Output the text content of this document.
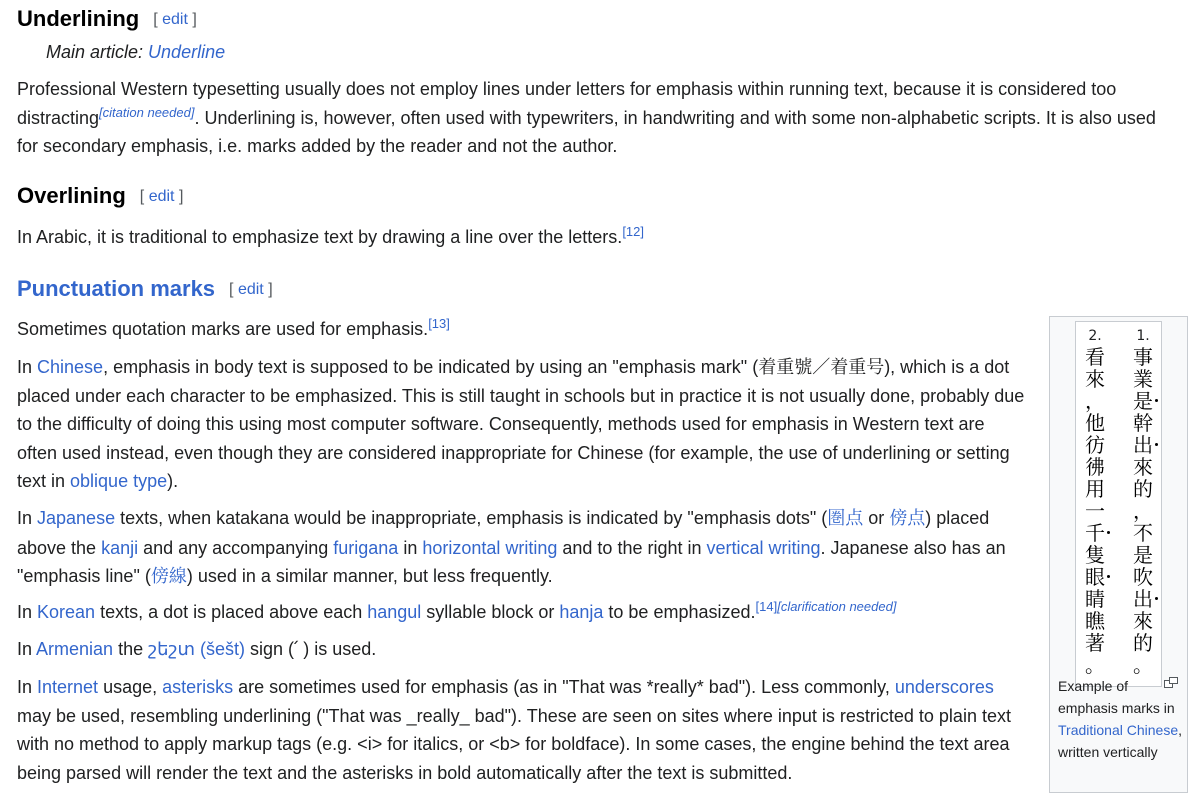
Underlining [ edit ]
Main article: Underline

Professional Western typesetting usually does not employ lines under letters for emphasis within running text, because it is considered too distracting[citation needed]. Underlining is, however, often used with typewriters, in handwriting and with some non-alphabetic scripts. It is also used for secondary emphasis, i.e. marks added by the reader and not the author.

Overlining [ edit ]

In Arabic, it is traditional to emphasize text by drawing a line over the letters.[12]

Punctuation marks [ edit ]

Sometimes quotation marks are used for emphasis.[13]

In Chinese, emphasis in body text is supposed to be indicated by using an "emphasis mark" (着重號／着重号), which is a dot placed under each character to be emphasized. This is still taught in schools but in practice it is not usually done, probably due to the difficulty of doing this using most computer software. Consequently, methods used for emphasis in Western text are often used instead, even though they are considered inappropriate for Chinese (for example, the use of underlining or setting text in oblique type).

In Japanese texts, when katakana would be inappropriate, emphasis is indicated by "emphasis dots" (圏点 or 傍点) placed above the kanji and any accompanying furigana in horizontal writing and to the right in vertical writing. Japanese also has an "emphasis line" (傍線) used in a similar manner, but less frequently.

In Korean texts, a dot is placed above each hangul syllable block or hanja to be emphasized.[14][clarification needed]

In Armenian the շեշտ (šešt) sign (՛ ) is used.

In Internet usage, asterisks are sometimes used for emphasis (as in "That was *really* bad"). Less commonly, underscores may be used, resembling underlining ("That was _really_ bad"). These are seen on sites where input is restricted to plain text with no method to apply markup tags (e.g. <i> for italics, or <b> for boldface). In some cases, the engine behind the text area being parsed will render the text and the asterisks in bold automatically after the text is submitted.

2.
看
來
，
他
彷
彿
用
一
千
隻
眼
睛
瞧
著
。
1.
事
業
是
幹
出
來
的
，
不
是
吹
出
來
的
。
Example of emphasis marks in Traditional Chinese, written vertically
